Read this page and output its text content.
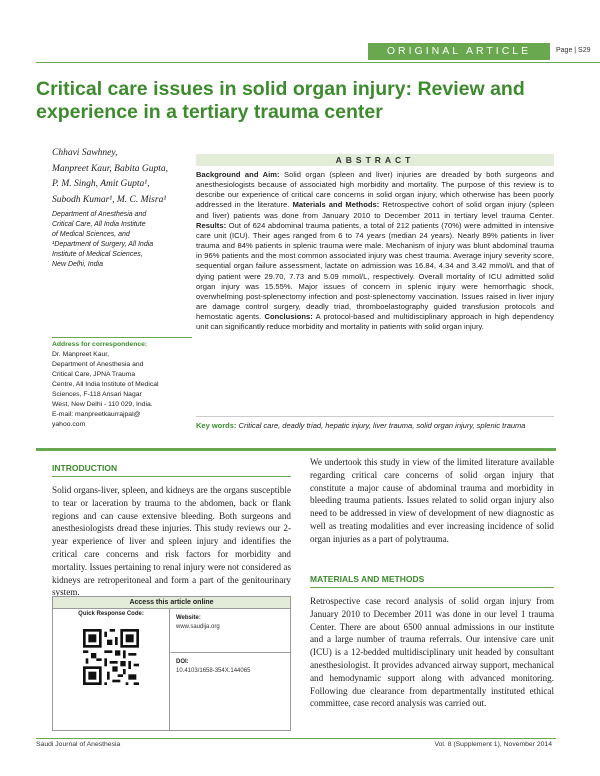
ORIGINAL ARTICLE	Page | S29
Critical care issues in solid organ injury: Review and experience in a tertiary trauma center
Chhavi Sawhney,
Manpreet Kaur, Babita Gupta,
P. M. Singh, Amit Gupta¹,
Subodh Kumar¹, M. C. Misra¹
Department of Anesthesia and
Critical Care, All India Institute
of Medical Sciences, and
¹Department of Surgery, All India
Institute of Medical Sciences,
New Delhi, India
Address for correspondence:
Dr. Manpreet Kaur,
Department of Anesthesia and
Critical Care, JPNA Trauma
Centre, All India Institute of Medical
Sciences, F-118 Ansari Nagar
West, New Delhi - 110 029, India.
E-mail: manpreetkaurrajpal@
yahoo.com
ABSTRACT
Background and Aim: Solid organ (spleen and liver) injuries are dreaded by both surgeons and anesthesiologists because of associated high morbidity and mortality. The purpose of this review is to describe our experience of critical care concerns in solid organ injury, which otherwise has been poorly addressed in the literature. Materials and Methods: Retrospective cohort of solid organ injury (spleen and liver) patients was done from January 2010 to December 2011 in tertiary level trauma Center. Results: Out of 624 abdominal trauma patients, a total of 212 patients (70%) were admitted in intensive care unit (ICU). Their ages ranged from 6 to 74 years (median 24 years). Nearly 89% patients in liver trauma and 84% patients in splenic trauma were male. Mechanism of injury was blunt abdominal trauma in 96% patients and the most common associated injury was chest trauma. Average injury severity score, sequential organ failure assessment, lactate on admission was 16.84, 4.34 and 3.42 mmol/L and that of dying patient were 29.70, 7.73 and 5.09 mmol/L, respectively. Overall mortality of ICU admitted solid organ injury was 15.55%. Major issues of concern in splenic injury were hemorrhagic shock, overwhelming post-splenectomy infection and post-splenectomy vaccination. Issues raised in liver injury are damage control surgery, deadly triad, thromboelastography guided transfusion protocols and hemostatic agents. Conclusions: A protocol-based and multidisciplinary approach in high dependency unit can significantly reduce morbidity and mortality in patients with solid organ injury.
Key words: Critical care, deadly triad, hepatic injury, liver trauma, solid organ injury, splenic trauma
INTRODUCTION
Solid organs-liver, spleen, and kidneys are the organs susceptible to tear or laceration by trauma to the abdomen, back or flank regions and can cause extensive bleeding. Both surgeons and anesthesiologists dread these injuries. This study reviews our 2-year experience of liver and spleen injury and identifies the critical care concerns and risk factors for morbidity and mortality. Issues pertaining to renal injury were not considered as kidneys are retroperitoneal and form a part of the genitourinary system.
Access this article online
Quick Response Code:
Website:
www.saudija.org
DOI:
10.4103/1658-354X.144065
We undertook this study in view of the limited literature available regarding critical care concerns of solid organ injury that constitute a major cause of abdominal trauma and morbidity in bleeding trauma patients. Issues related to solid organ injury also need to be addressed in view of development of new diagnostic as well as treating modalities and ever increasing incidence of solid organ injuries as a part of polytrauma.
MATERIALS AND METHODS
Retrospective case record analysis of solid organ injury from January 2010 to December 2011 was done in our level 1 trauma Center. There are about 6500 annual admissions in our institute and a large number of trauma referrals. Our intensive care unit (ICU) is a 12-bedded multidisciplinary unit headed by consultant anesthesiologist. It provides advanced airway support, mechanical and hemodynamic support along with advanced monitoring. Following due clearance from departmentally instituted ethical committee, case record analysis was carried out.
Saudi Journal of Anesthesia	Vol. 8 (Supplement 1), November 2014
